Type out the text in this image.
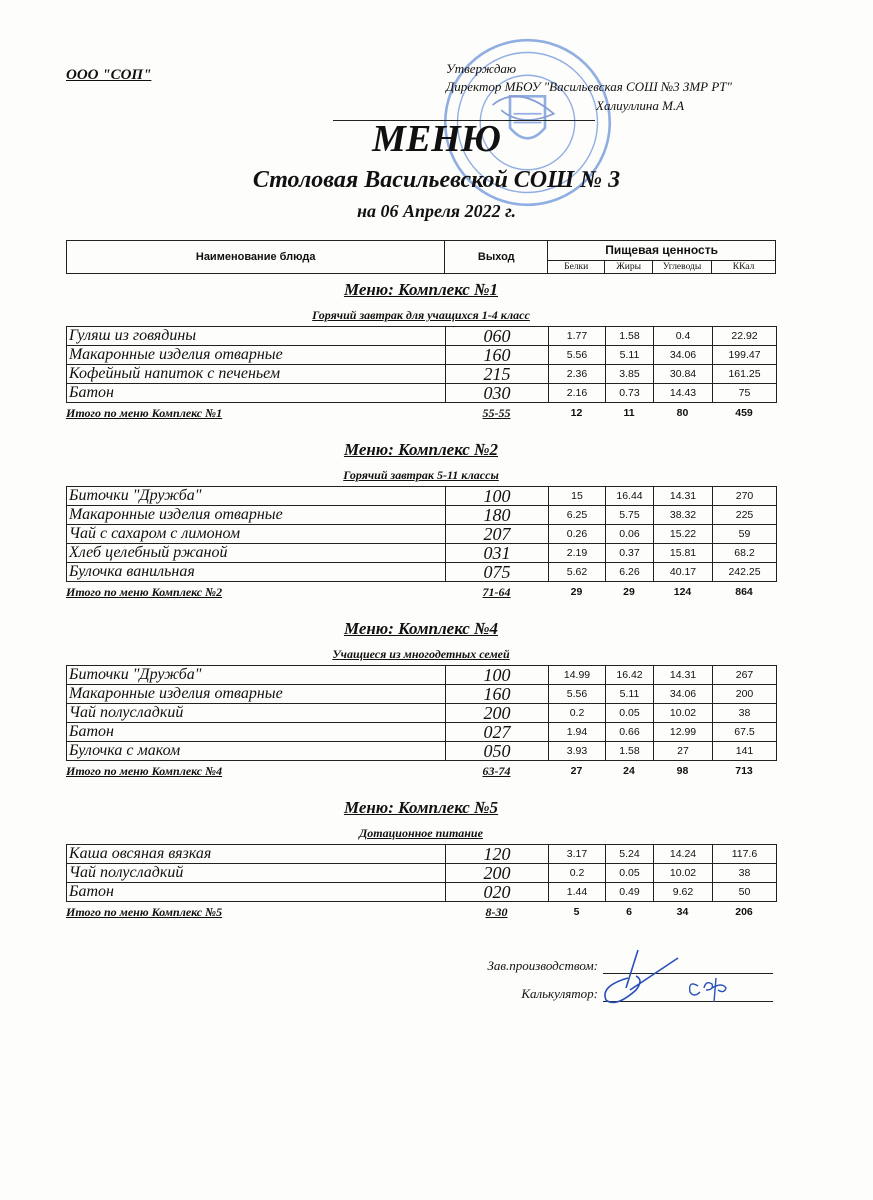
ООО "СОП"	Утверждаю
Директор МБОУ "Васильевская СОШ №3 ЗМР РТ"
Халиуллина М.А
МЕНЮ
Столовая Васильевской СОШ № 3
на 06 Апреля 2022 г.
Наименование блюда	Выход	Пищевая ценность			
		Белки	Жиры	Углеводы	ККал
Меню: Комплекс №1
Горячий завтрак для учащихся 1-4 класс
Гуляш из говядины	060	1.77	1.58	0.4	22.92
Макаронные изделия отварные	160	5.56	5.11	34.06	199.47
Кофейный напиток с печеньем	215	2.36	3.85	30.84	161.25
Батон	030	2.16	0.73	14.43	75
Итого по меню Комплекс №1	55-55	12	11	80	459
Меню: Комплекс №2
Горячий завтрак 5-11 классы
Биточки "Дружба"	100	15	16.44	14.31	270
Макаронные изделия отварные	180	6.25	5.75	38.32	225
Чай с сахаром с лимоном	207	0.26	0.06	15.22	59
Хлеб целебный ржаной	031	2.19	0.37	15.81	68.2
Булочка ванильная	075	5.62	6.26	40.17	242.25
Итого по меню Комплекс №2	71-64	29	29	124	864
Меню: Комплекс №4
Учащиеся из многодетных семей
Биточки "Дружба"	100	14.99	16.42	14.31	267
Макаронные изделия отварные	160	5.56	5.11	34.06	200
Чай полусладкий	200	0.2	0.05	10.02	38
Батон	027	1.94	0.66	12.99	67.5
Булочка с маком	050	3.93	1.58	27	141
Итого по меню Комплекс №4	63-74	27	24	98	713
Меню: Комплекс №5
Дотационное питание
Каша овсяная вязкая	120	3.17	5.24	14.24	117.6
Чай полусладкий	200	0.2	0.05	10.02	38
Батон	020	1.44	0.49	9.62	50
Итого по меню Комплекс №5	8-30	5	6	34	206
Зав.производством:
Калькулятор:
